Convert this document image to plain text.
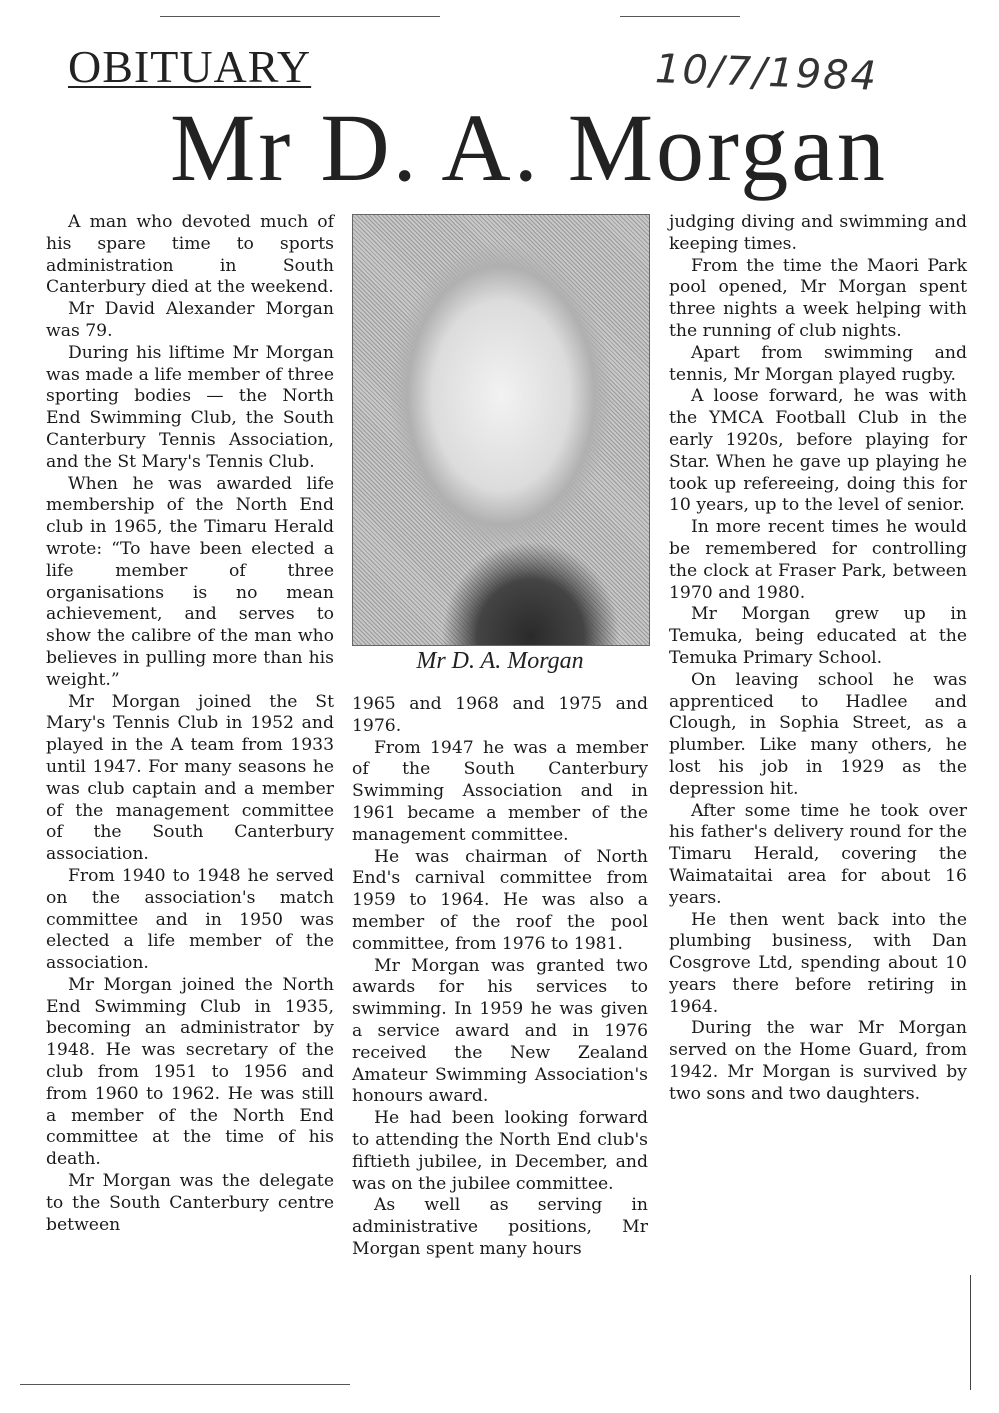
OBITUARY	10/7/1984
Mr D. A. Morgan

A man who devoted much of his spare time to sports administration in South Canterbury died at the weekend.

Mr David Alexander Morgan was 79.

During his liftime Mr Morgan was made a life member of three sporting bodies — the North End Swimming Club, the South Canterbury Tennis Association, and the St Mary's Tennis Club.

When he was awarded life membership of the North End club in 1965, the Timaru Herald wrote: “To have been elected a life member of three organisations is no mean achievement, and serves to show the calibre of the man who believes in pulling more than his weight.”

Mr Morgan joined the St Mary's Tennis Club in 1952 and played in the A team from 1933 until 1947. For many seasons he was club captain and a member of the management committee of the South Canterbury association.

From 1940 to 1948 he served on the association's match committee and in 1950 was elected a life member of the association.

Mr Morgan joined the North End Swimming Club in 1935, becoming an administrator by 1948. He was secretary of the club from 1951 to 1956 and from 1960 to 1962. He was still a member of the North End committee at the time of his death.

Mr Morgan was the delegate to the South Canterbury centre between

Mr D. A. Morgan

1965 and 1968 and 1975 and 1976.

From 1947 he was a member of the South Canterbury Swimming Association and in 1961 became a member of the management committee.

He was chairman of North End's carnival committee from 1959 to 1964. He was also a member of the roof the pool committee, from 1976 to 1981.

Mr Morgan was granted two awards for his services to swimming. In 1959 he was given a service award and in 1976 received the New Zealand Amateur Swimming Association's honours award.

He had been looking forward to attending the North End club's fiftieth jubilee, in December, and was on the jubilee committee.

As well as serving in administrative positions, Mr Morgan spent many hours

judging diving and swimming and keeping times.

From the time the Maori Park pool opened, Mr Morgan spent three nights a week helping with the running of club nights.

Apart from swimming and tennis, Mr Morgan played rugby.

A loose forward, he was with the YMCA Football Club in the early 1920s, before playing for Star. When he gave up playing he took up refereeing, doing this for 10 years, up to the level of senior.

In more recent times he would be remembered for controlling the clock at Fraser Park, between 1970 and 1980.

Mr Morgan grew up in Temuka, being educated at the Temuka Primary School.

On leaving school he was apprenticed to Hadlee and Clough, in Sophia Street, as a plumber. Like many others, he lost his job in 1929 as the depression hit.

After some time he took over his father's delivery round for the Timaru Herald, covering the Waimataitai area for about 16 years.

He then went back into the plumbing business, with Dan Cosgrove Ltd, spending about 10 years there before retiring in 1964.

During the war Mr Morgan served on the Home Guard, from 1942. Mr Morgan is survived by two sons and two daughters.
